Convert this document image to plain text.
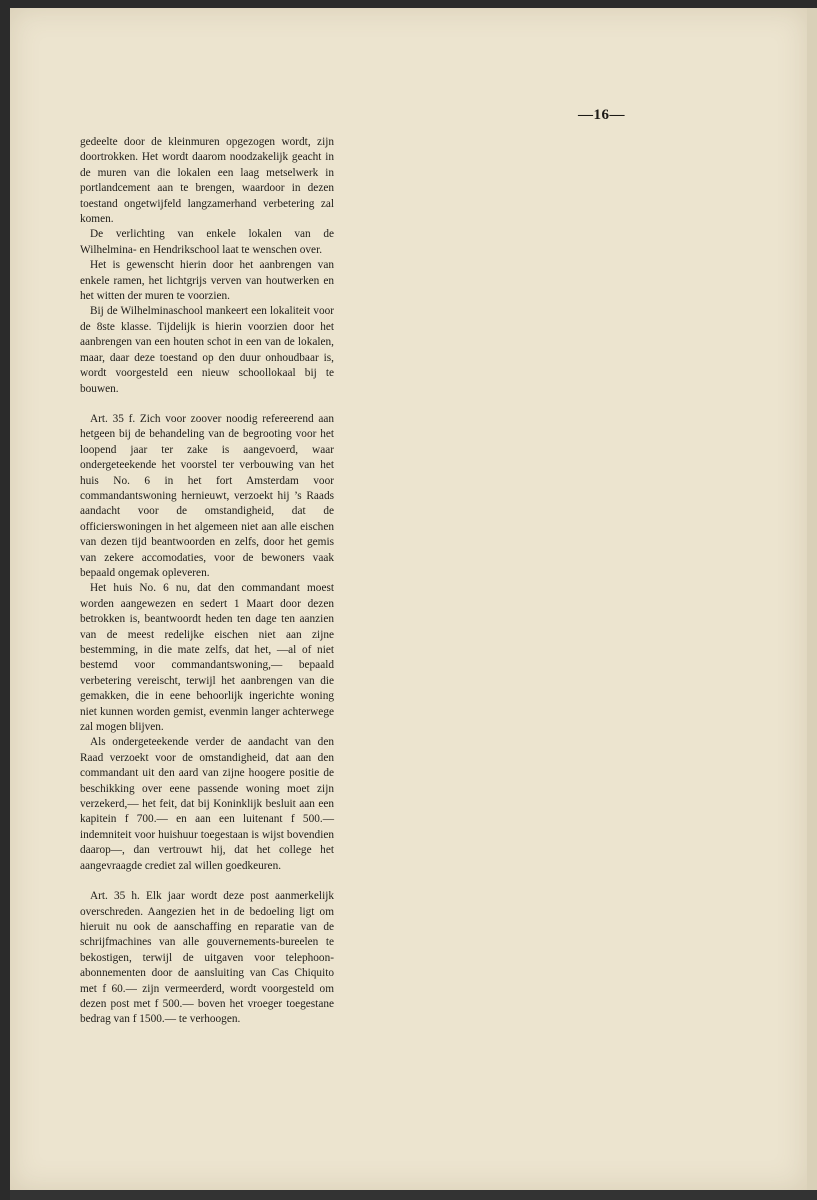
—16—

gedeelte door de kleinmuren opgezogen wordt, zijn doortrokken. Het wordt daarom noodzakelijk geacht in de muren van die lokalen een laag metselwerk in portlandcement aan te brengen, waardoor in dezen toestand ongetwijfeld langzamerhand verbetering zal komen.

De verlichting van enkele lokalen van de Wilhelmina- en Hendrikschool laat te wenschen over.

Het is gewenscht hierin door het aanbrengen van enkele ramen, het lichtgrijs verven van houtwerken en het witten der muren te voorzien.

Bij de Wilhelminaschool mankeert een lokaliteit voor de 8ste klasse. Tijdelijk is hierin voorzien door het aanbrengen van een houten schot in een van de lokalen, maar, daar deze toestand op den duur onhoudbaar is, wordt voorgesteld een nieuw schoollokaal bij te bouwen.

Art. 35 f. Zich voor zoover noodig refereerend aan hetgeen bij de behandeling van de begrooting voor het loopend jaar ter zake is aangevoerd, waar ondergeteekende het voorstel ter verbouwing van het huis No. 6 in het fort Amsterdam voor commandantswoning hernieuwt, verzoekt hij ’s Raads aandacht voor de omstandigheid, dat de officierswoningen in het algemeen niet aan alle eischen van dezen tijd beantwoorden en zelfs, door het gemis van zekere accomodaties, voor de bewoners vaak bepaald ongemak opleveren.

Het huis No. 6 nu, dat den commandant moest worden aangewezen en sedert 1 Maart door dezen betrokken is, beantwoordt heden ten dage ten aanzien van de meest redelijke eischen niet aan zijne bestemming, in die mate zelfs, dat het, —al of niet bestemd voor commandantswoning,— bepaald verbetering vereischt, terwijl het aanbrengen van die gemakken, die in eene behoorlijk ingerichte woning niet kunnen worden gemist, evenmin langer achterwege zal mogen blijven.

Als ondergeteekende verder de aandacht van den Raad verzoekt voor de omstandigheid, dat aan den commandant uit den aard van zijne hoogere positie de beschikking over eene passende woning moet zijn verzekerd,— het feit, dat bij Koninklijk besluit aan een kapitein f 700.— en aan een luitenant f 500.— indemniteit voor huishuur toegestaan is wijst bovendien daarop—, dan vertrouwt hij, dat het college het aangevraagde crediet zal willen goedkeuren.

Art. 35 h. Elk jaar wordt deze post aanmerkelijk overschreden. Aangezien het in de bedoeling ligt om hieruit nu ook de aanschaffing en reparatie van de schrijfmachines van alle gouvernements-bureelen te bekostigen, terwijl de uitgaven voor telephoon-abonnementen door de aansluiting van Cas Chiquito met f 60.— zijn vermeerderd, wordt voorgesteld om dezen post met f 500.— boven het vroeger toegestane bedrag van f 1500.— te verhoogen.
